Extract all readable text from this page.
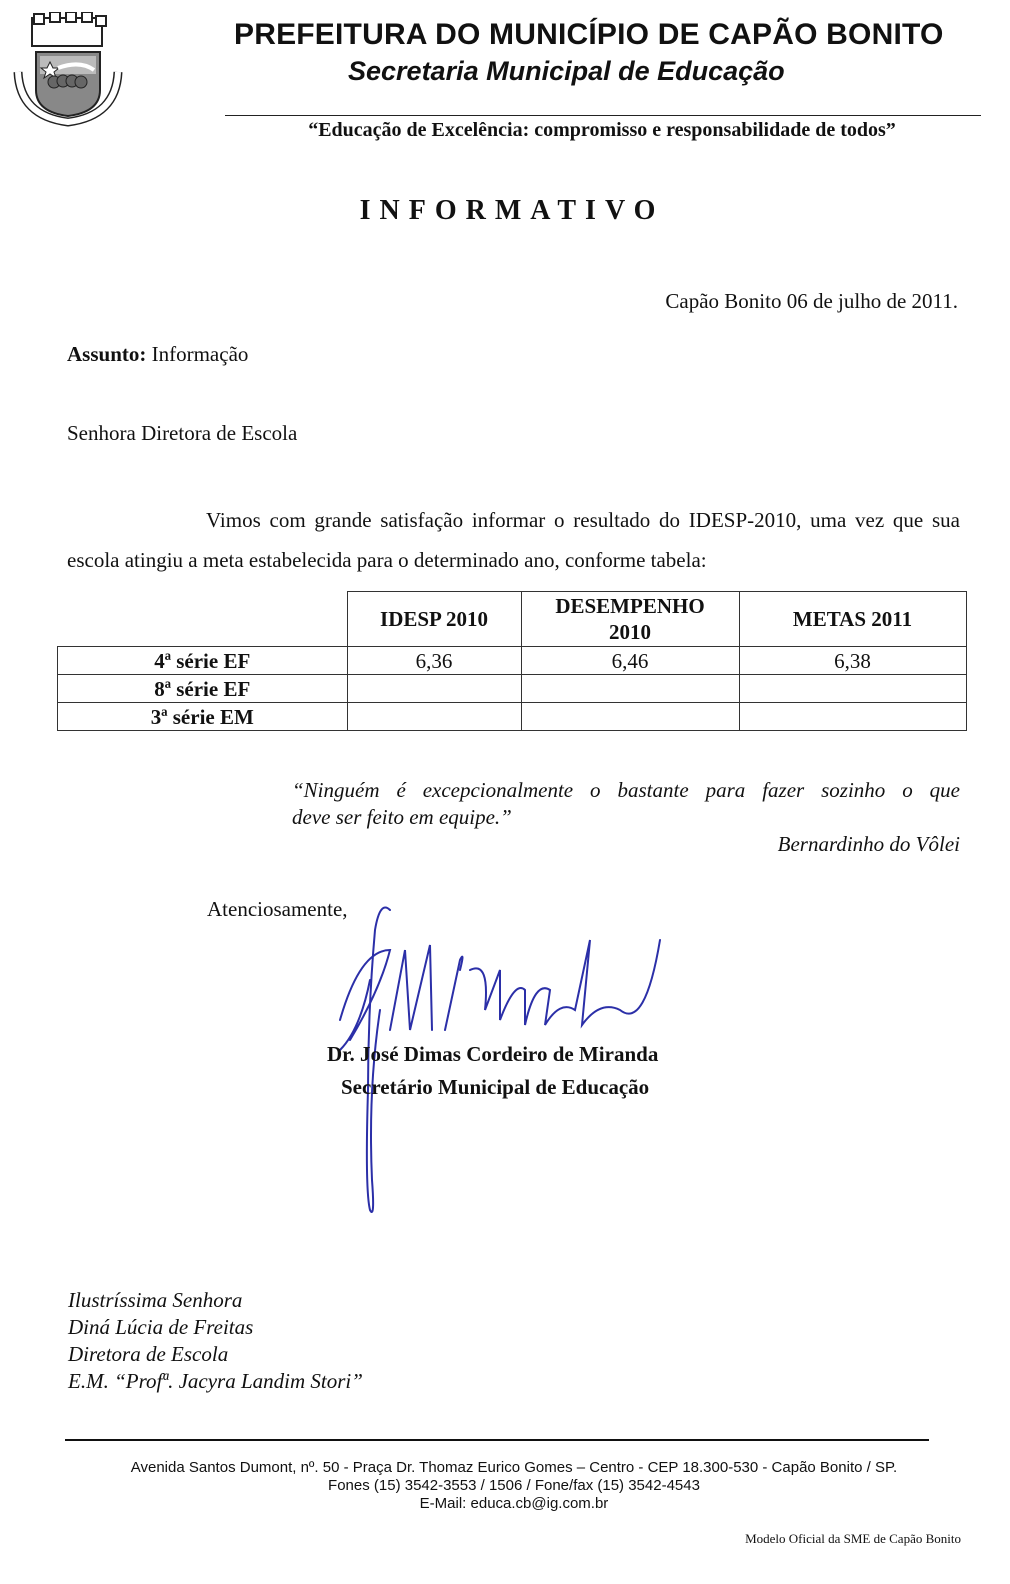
PREFEITURA DO MUNICÍPIO DE CAPÃO BONITO
Secretaria Municipal de Educação
“Educação de Excelência: compromisso e responsabilidade de todos”
INFORMATIVO
Capão Bonito 06 de julho de 2011.
Assunto: Informação
Senhora Diretora de Escola
Vimos com grande satisfação informar o resultado do IDESP-2010, uma vez que sua escola atingiu a meta estabelecida para o determinado ano, conforme tabela:
	IDESP 2010	DESEMPENHO 2010	METAS 2011
4ª série EF	6,36	6,46	6,38
8ª série EF			
3ª série EM			
“Ninguém é excepcionalmente o bastante para fazer sozinho o que
deve ser feito em equipe.”
Bernardinho do Vôlei
Atenciosamente,
Dr. José Dimas Cordeiro de Miranda
Secretário Municipal de Educação
Ilustríssima Senhora
Diná Lúcia de Freitas
Diretora de Escola
E.M. “Profª. Jacyra Landim Stori”
Avenida Santos Dumont, nº. 50 - Praça Dr. Thomaz Eurico Gomes – Centro - CEP 18.300-530 - Capão Bonito / SP.
Fones (15) 3542-3553 / 1506 / Fone/fax (15) 3542-4543
E-Mail: educa.cb@ig.com.br
Modelo Oficial da SME de Capão Bonito
